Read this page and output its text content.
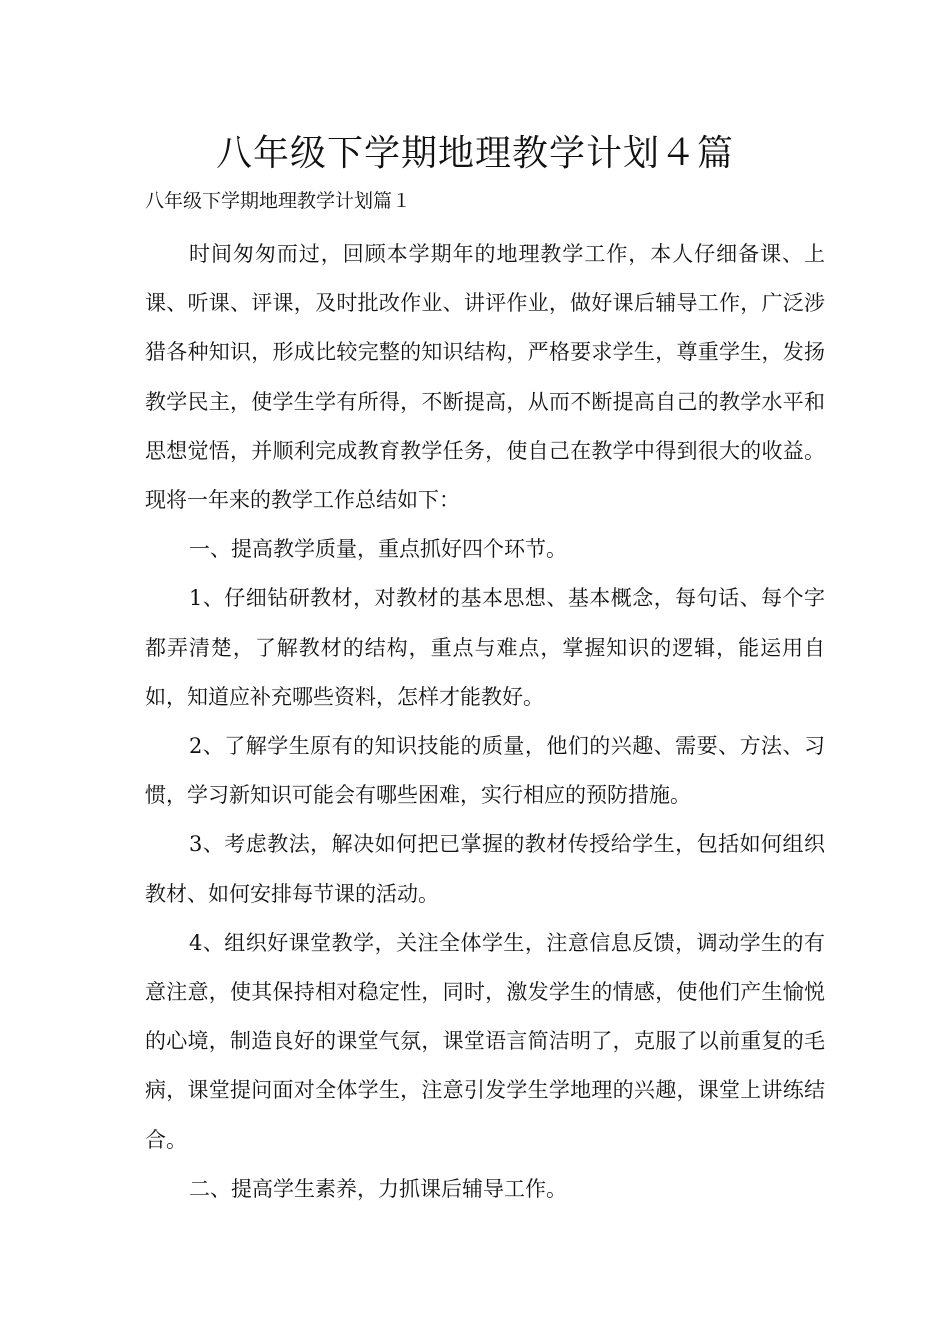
八年级下学期地理教学计划４篇

八年级下学期地理教学计划篇１

时间匆匆而过，回顾本学期年的地理教学工作，本人仔细备课、上课、听课、评课，及时批改作业、讲评作业，做好课后辅导工作，广泛涉猎各种知识，形成比较完整的知识结构，严格要求学生，尊重学生，发扬教学民主，使学生学有所得，不断提高，从而不断提高自己的教学水平和思想觉悟，并顺利完成教育教学任务，使自己在教学中得到很大的收益。现将一年来的教学工作总结如下：

一、提高教学质量，重点抓好四个环节。

1、仔细钻研教材，对教材的基本思想、基本概念，每句话、每个字都弄清楚，了解教材的结构，重点与难点，掌握知识的逻辑，能运用自如，知道应补充哪些资料，怎样才能教好。

2、了解学生原有的知识技能的质量，他们的兴趣、需要、方法、习惯，学习新知识可能会有哪些困难，实行相应的预防措施。

3、考虑教法，解决如何把已掌握的教材传授给学生，包括如何组织教材、如何安排每节课的活动。

4、组织好课堂教学，关注全体学生，注意信息反馈，调动学生的有意注意，使其保持相对稳定性，同时，激发学生的情感，使他们产生愉悦的心境，制造良好的课堂气氛，课堂语言简洁明了，克服了以前重复的毛病，课堂提问面对全体学生，注意引发学生学地理的兴趣，课堂上讲练结合。

二、提高学生素养，力抓课后辅导工作。
